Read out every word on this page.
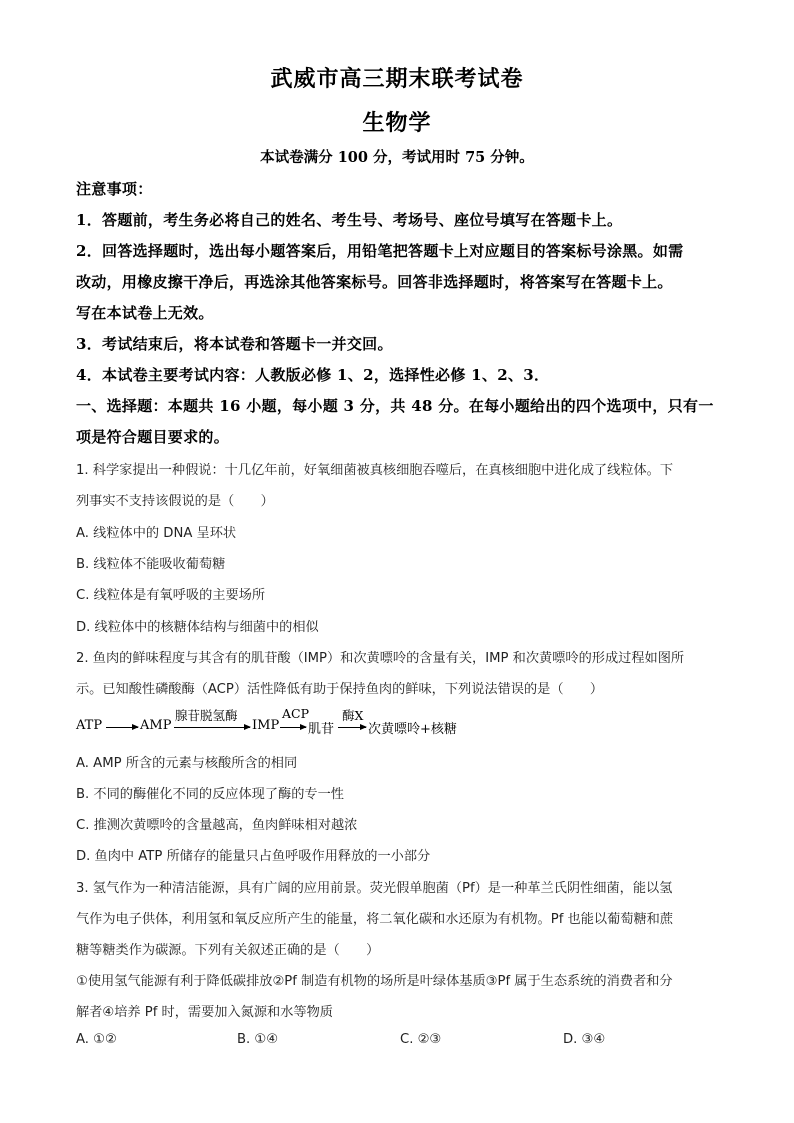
武威市高三期末联考试卷
生物学
本试卷满分 100 分，考试用时 75 分钟。
注意事项：
1．答题前，考生务必将自己的姓名、考生号、考场号、座位号填写在答题卡上。
2．回答选择题时，选出每小题答案后，用铅笔把答题卡上对应题目的答案标号涂黑。如需
改动，用橡皮擦干净后，再选涂其他答案标号。回答非选择题时，将答案写在答题卡上。
写在本试卷上无效。
3．考试结束后，将本试卷和答题卡一并交回。
4．本试卷主要考试内容：人教版必修 1、2，选择性必修 1、2、3．
一、选择题：本题共 16 小题，每小题 3 分，共 48 分。在每小题给出的四个选项中，只有一
项是符合题目要求的。
1. 科学家提出一种假说：十几亿年前，好氧细菌被真核细胞吞噬后，在真核细胞中进化成了线粒体。下
列事实不支持该假说的是（　　）
A. 线粒体中的 DNA 呈环状
B. 线粒体不能吸收葡萄糖
C. 线粒体是有氧呼吸的主要场所
D. 线粒体中的核糖体结构与细菌中的相似
2. 鱼肉的鲜味程度与其含有的肌苷酸（IMP）和次黄嘌呤的含量有关，IMP 和次黄嘌呤的形成过程如图所
示。已知酸性磷酸酶（ACP）活性降低有助于保持鱼肉的鲜味，下列说法错误的是（　　）
ATP	AMP
腺苷脱氢酶
IMP
ACP
肌苷
酶X
次黄嘌呤+核糖
A. AMP 所含的元素与核酸所含的相同
B. 不同的酶催化不同的反应体现了酶的专一性
C. 推测次黄嘌呤的含量越高，鱼肉鲜味相对越浓
D. 鱼肉中 ATP 所储存的能量只占鱼呼吸作用释放的一小部分
3. 氢气作为一种清洁能源，具有广阔的应用前景。荧光假单胞菌（Pf）是一种革兰氏阴性细菌，能以氢
气作为电子供体，利用氢和氧反应所产生的能量，将二氧化碳和水还原为有机物。Pf 也能以葡萄糖和蔗
糖等糖类作为碳源。下列有关叙述正确的是（　　）
①使用氢气能源有利于降低碳排放②Pf 制造有机物的场所是叶绿体基质③Pf 属于生态系统的消费者和分
解者④培养 Pf 时，需要加入氮源和水等物质
A. ①②	B. ①④	C. ②③	D. ③④
